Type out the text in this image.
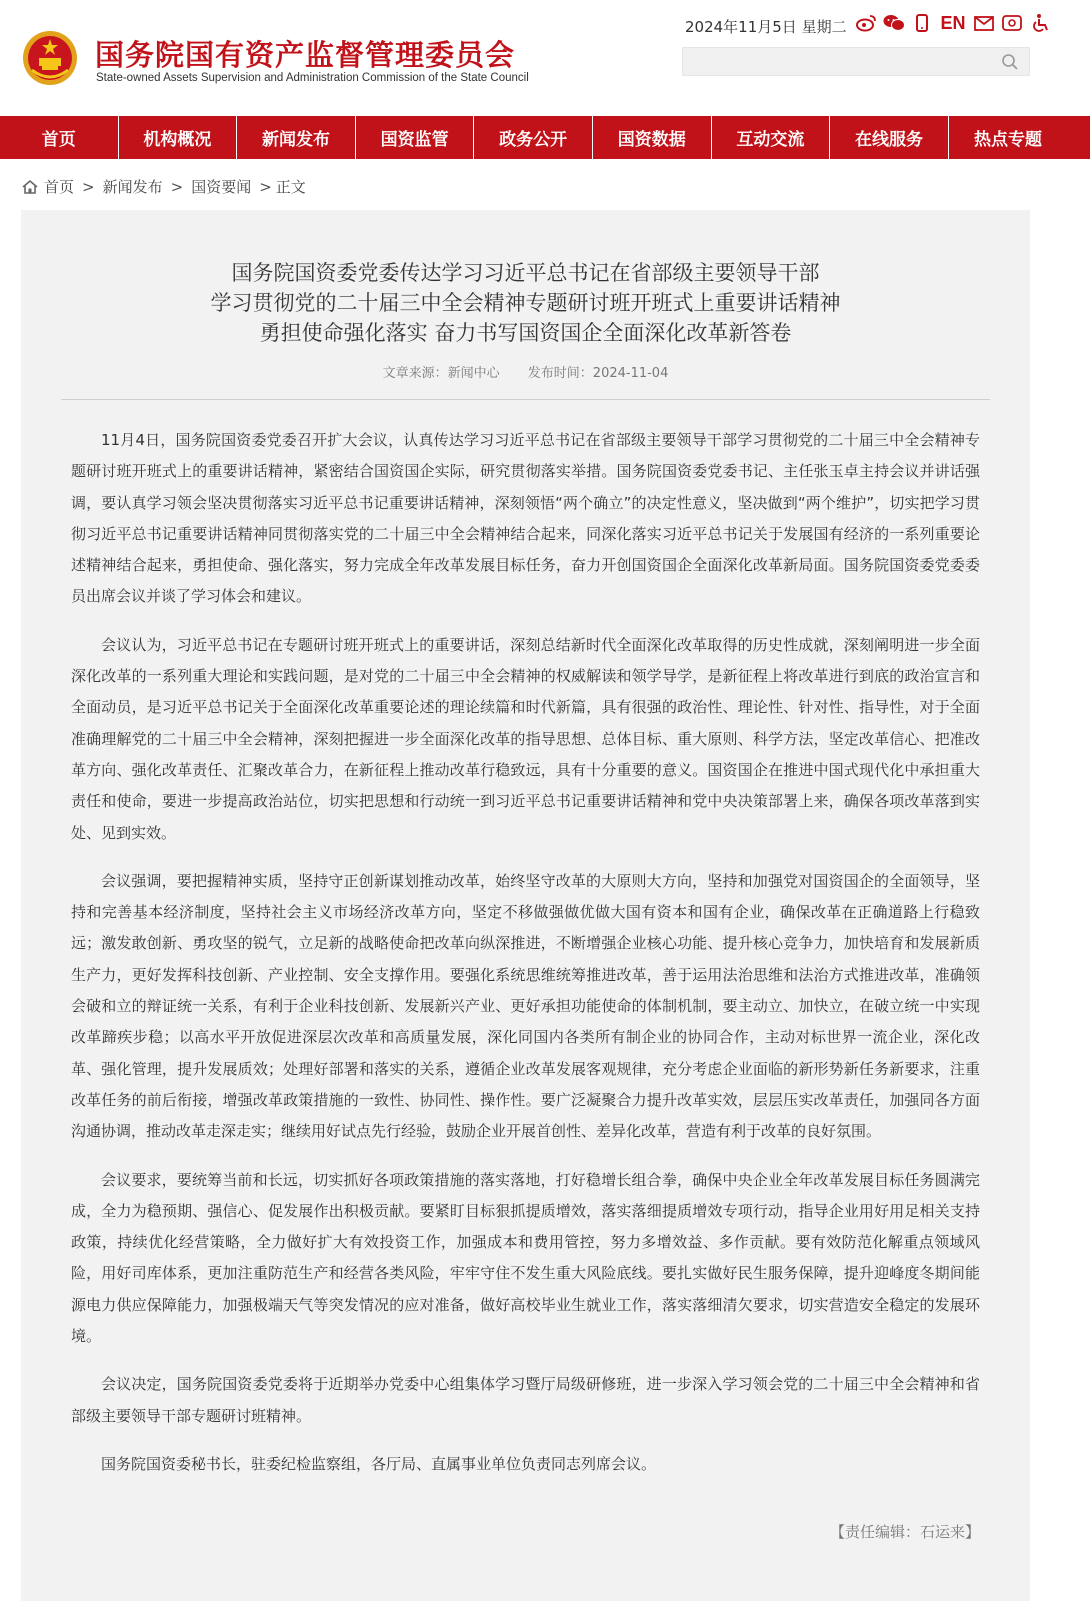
国务院国有资产监督管理委员会
State-owned Assets Supervision and Administration Commission of the State Council
2024年11月5日 星期二	EN
首页	机构概况	新闻发布	国资监管	政务公开	国资数据	互动交流	在线服务	热点专题
首页 > 新闻发布 > 国资要闻 > 正文
国务院国资委党委传达学习习近平总书记在省部级主要领导干部
学习贯彻党的二十届三中全会精神专题研讨班开班式上重要讲话精神
勇担使命强化落实 奋力书写国资国企全面深化改革新答卷
文章来源：新闻中心 发布时间：2024-11-04

11月4日，国务院国资委党委召开扩大会议，认真传达学习习近平总书记在省部级主要领导干部学习贯彻党的二十届三中全会精神专题研讨班开班式上的重要讲话精神，紧密结合国资国企实际，研究贯彻落实举措。国务院国资委党委书记、主任张玉卓主持会议并讲话强调，要认真学习领会坚决贯彻落实习近平总书记重要讲话精神，深刻领悟“两个确立”的决定性意义，坚决做到“两个维护”，切实把学习贯彻习近平总书记重要讲话精神同贯彻落实党的二十届三中全会精神结合起来，同深化落实习近平总书记关于发展国有经济的一系列重要论述精神结合起来，勇担使命、强化落实，努力完成全年改革发展目标任务，奋力开创国资国企全面深化改革新局面。国务院国资委党委委员出席会议并谈了学习体会和建议。

会议认为，习近平总书记在专题研讨班开班式上的重要讲话，深刻总结新时代全面深化改革取得的历史性成就，深刻阐明进一步全面深化改革的一系列重大理论和实践问题，是对党的二十届三中全会精神的权威解读和领学导学，是新征程上将改革进行到底的政治宣言和全面动员，是习近平总书记关于全面深化改革重要论述的理论续篇和时代新篇，具有很强的政治性、理论性、针对性、指导性，对于全面准确理解党的二十届三中全会精神，深刻把握进一步全面深化改革的指导思想、总体目标、重大原则、科学方法，坚定改革信心、把准改革方向、强化改革责任、汇聚改革合力，在新征程上推动改革行稳致远，具有十分重要的意义。国资国企在推进中国式现代化中承担重大责任和使命，要进一步提高政治站位，切实把思想和行动统一到习近平总书记重要讲话精神和党中央决策部署上来，确保各项改革落到实处、见到实效。

会议强调，要把握精神实质，坚持守正创新谋划推动改革，始终坚守改革的大原则大方向，坚持和加强党对国资国企的全面领导，坚持和完善基本经济制度，坚持社会主义市场经济改革方向，坚定不移做强做优做大国有资本和国有企业，确保改革在正确道路上行稳致远；激发敢创新、勇攻坚的锐气，立足新的战略使命把改革向纵深推进，不断增强企业核心功能、提升核心竞争力，加快培育和发展新质生产力，更好发挥科技创新、产业控制、安全支撑作用。要强化系统思维统筹推进改革，善于运用法治思维和法治方式推进改革，准确领会破和立的辩证统一关系，有利于企业科技创新、发展新兴产业、更好承担功能使命的体制机制，要主动立、加快立，在破立统一中实现改革蹄疾步稳；以高水平开放促进深层次改革和高质量发展，深化同国内各类所有制企业的协同合作，主动对标世界一流企业，深化改革、强化管理，提升发展质效；处理好部署和落实的关系，遵循企业改革发展客观规律，充分考虑企业面临的新形势新任务新要求，注重改革任务的前后衔接，增强改革政策措施的一致性、协同性、操作性。要广泛凝聚合力提升改革实效，层层压实改革责任，加强同各方面沟通协调，推动改革走深走实；继续用好试点先行经验，鼓励企业开展首创性、差异化改革，营造有利于改革的良好氛围。

会议要求，要统筹当前和长远，切实抓好各项政策措施的落实落地，打好稳增长组合拳，确保中央企业全年改革发展目标任务圆满完成，全力为稳预期、强信心、促发展作出积极贡献。要紧盯目标狠抓提质增效，落实落细提质增效专项行动，指导企业用好用足相关支持政策，持续优化经营策略，全力做好扩大有效投资工作，加强成本和费用管控，努力多增效益、多作贡献。要有效防范化解重点领域风险，用好司库体系，更加注重防范生产和经营各类风险，牢牢守住不发生重大风险底线。要扎实做好民生服务保障，提升迎峰度冬期间能源电力供应保障能力，加强极端天气等突发情况的应对准备，做好高校毕业生就业工作，落实落细清欠要求，切实营造安全稳定的发展环境。

会议决定，国务院国资委党委将于近期举办党委中心组集体学习暨厅局级研修班，进一步深入学习领会党的二十届三中全会精神和省部级主要领导干部专题研讨班精神。

国务院国资委秘书长，驻委纪检监察组，各厅局、直属事业单位负责同志列席会议。

【责任编辑：石运来】
